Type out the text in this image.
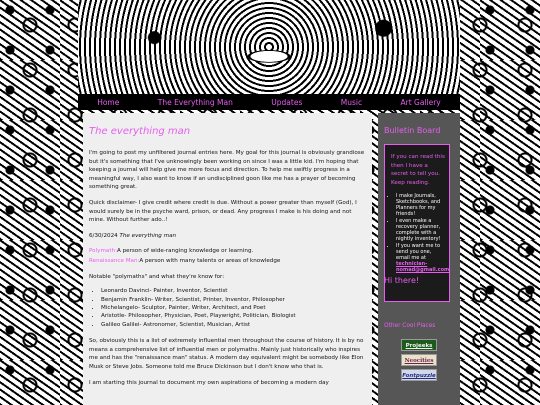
Home	The Everything Man	Updates	Music	Art Gallery
The everything man

I'm going to post my unfiltered journal entries here. My goal for this journal is obviously grandiose but it's something that I've unknowingly been working on since I was a little kid. I'm hoping that keeping a journal will help give me more focus and direction. To help me swiftly progress in a meaningful way, I also want to know if an undisciplined goon like me has a prayer of becoming something great.

Quick disclaimer- I give credit where credit is due. Without a power greater than myself (God), I would surely be in the psyche ward, prison, or dead. Any progress I make is his doing and not mine. Without further ado..!

6/30/2024 The everything man

Polymath:A person of wide-ranging knowledge or learning.

Renaissance Man:A person with many talents or areas of knowledge

Notable "polymaths" and what they're know for:

• Leonardo Davinci- Painter, Inventor, Scientist
• Benjamin Franklin- Writer, Scientist, Printer, Inventor, Philosopher
• Michelangelo- Sculptor, Painter, Writer, Architect, and Poet
• Aristotle- Philosopher, Physician, Poet, Playwright, Politician, Biologist
• Galileo Galilei- Astronomer, Scientist, Musician, Artist

So, obviously this is a list of extremely influential men throughout the course of history. It is by no means a comprehensive list of influential men or polymaths. Mainly just historically who inspires me and has the "renaissance man" status. A modern day equivalent might be somebody like Elon Musk or Steve Jobs. Someone told me Bruce Dickinson but I don't know who that is.

I am starting this journal to document my own aspirations of becoming a modern day

Bulletin Board

If you can read this then I have a secret to tell you. Keep reading.

• I make Journals, Sketchbooks, and Planners for my friends!
• I even make a recovery planner, complete with a nightly inventory!
• If you want me to send you one, email me at technician-nomad@gmail.com
Hi there!
Other Cool Places
Projeeks
Neocities
Fontpuzzle
